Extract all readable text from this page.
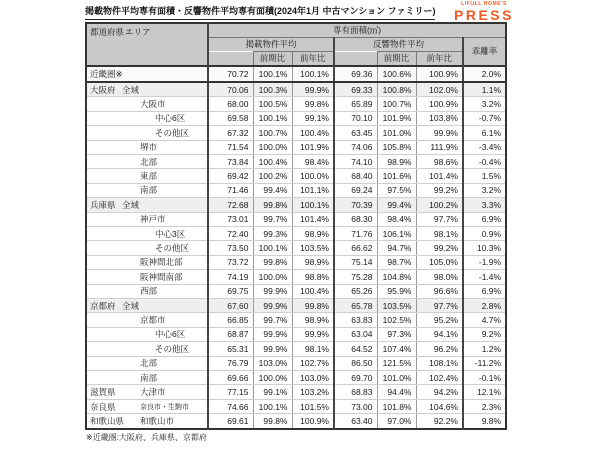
掲載物件平均専有面積・反響物件平均専有面積(2024年1月 中古マンション ファミリー)
LIFULL HOME'S
PRESS
都道府県 エリア	専有面積(㎡)						
	掲載物件平均			反響物件平均			乖離率
		前期比	前年比		前期比	前年比	

近畿圏※	70.72	100.1%	100.1%	69.36	100.6%	100.9%	2.0%

大阪府 全域	70.06	100.3%	99.9%	69.33	100.8%	102.0%	1.1%

大阪市	68.00	100.5%	99.8%	65.89	100.7%	100.9%	3.2%

中心6区	69.58	100.1%	99.1%	70.10	101.9%	103.8%	-0.7%

その他区	67.32	100.7%	100.4%	63.45	101.0%	99.9%	6.1%

堺市	71.54	100.0%	101.9%	74.06	105.8%	111.9%	-3.4%

北部	73.84	100.4%	98.4%	74.10	98.9%	98.6%	-0.4%

東部	69.42	100.2%	100.0%	68.40	101.6%	101.4%	1.5%

南部	71.46	99.4%	101.1%	69.24	97.5%	99.2%	3.2%

兵庫県 全域	72.68	99.8%	100.1%	70.39	99.4%	100.2%	3.3%

神戸市	73.01	99.7%	101.4%	68.30	98.4%	97.7%	6.9%

中心3区	72.40	99.3%	98.9%	71.76	106.1%	98.1%	0.9%

その他区	73.50	100.1%	103.5%	66.62	94.7%	99.2%	10.3%

阪神間北部	73.72	99.8%	98.9%	75.14	98.7%	105.0%	-1.9%

阪神間南部	74.19	100.0%	98.8%	75.28	104.8%	98.0%	-1.4%

西部	69.75	99.9%	100.4%	65.26	95.9%	96.6%	6.9%

京都府 全域	67.60	99.9%	99.8%	65.78	103.5%	97.7%	2.8%

京都市	66.85	99.7%	98.9%	63.83	102.5%	95.2%	4.7%

中心6区	68.87	99.9%	99.9%	63.04	97.3%	94.1%	9.2%

その他区	65.31	99.9%	98.1%	64.52	107.4%	96.2%	1.2%

北部	76.79	103.0%	102.7%	86.50	121.5%	108.1%	-11.2%

南部	69.66	100.0%	103.0%	69.70	101.0%	102.4%	-0.1%

滋賀県 大津市	77.15	99.1%	103.2%	68.83	94.4%	94.2%	12.1%

奈良県 奈良市・生駒市	74.66	100.1%	101.5%	73.00	101.8%	104.6%	2.3%

和歌山県 和歌山市	69.61	99.8%	100.9%	63.40	97.0%	92.2%	9.8%
※近畿圏:大阪府、兵庫県、京都府
